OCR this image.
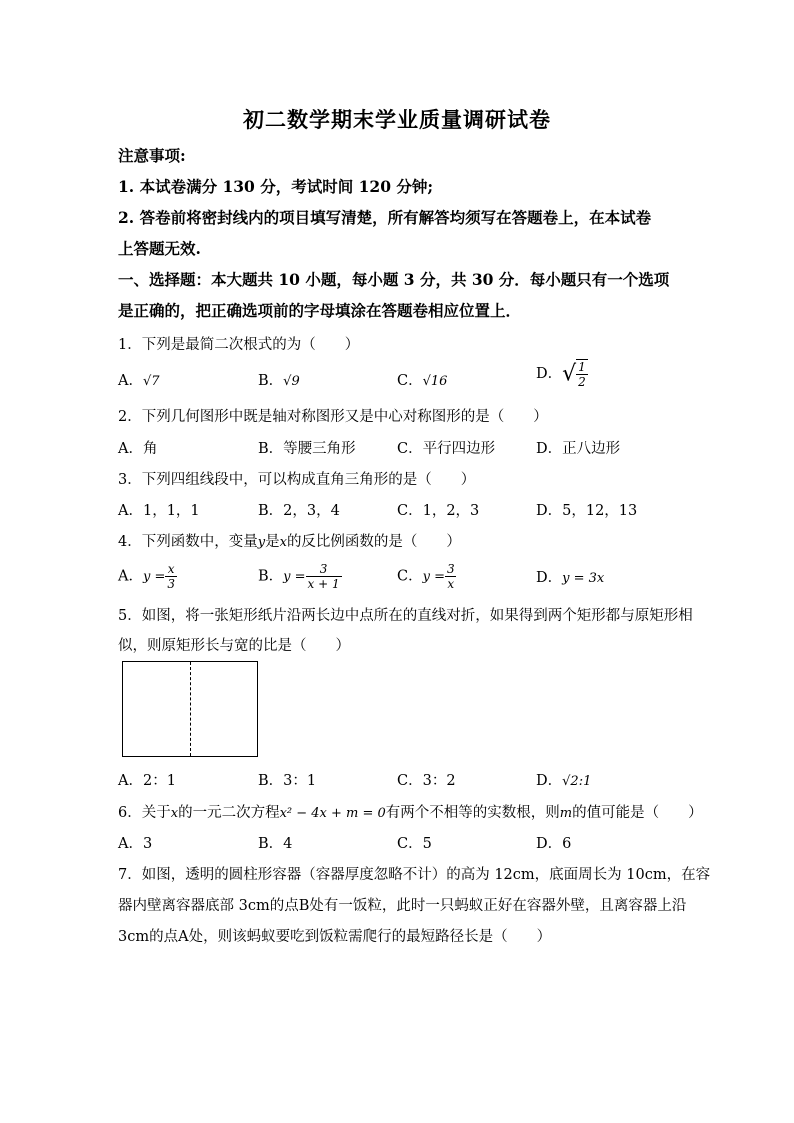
初二数学期末学业质量调研试卷
注意事项:
1. 本试卷满分 130 分，考试时间 120 分钟;
2. 答卷前将密封线内的项目填写清楚，所有解答均须写在答题卷上，在本试卷
上答题无效.
一、选择题：本大题共 10 小题，每小题 3 分，共 30 分．每小题只有一个选项
是正确的，把正确选项前的字母填涂在答题卷相应位置上．
1．下列是最简二次根式的为（　　）
A．√7	B．√9	C．√16	D．√ $\frac{1}{2}$
2．下列几何图形中既是轴对称图形又是中心对称图形的是（　　）
A．角	B．等腰三角形	C．平行四边形	D．正八边形
3．下列四组线段中，可以构成直角三角形的是（　　）
A．1，1，1	B．2，3，4	C．1，2，3	D．5，12，13
4．下列函数中，变量y是x的反比例函数的是（　　）
A．$y = \frac{x}{3}$	B．$y = \frac{3}{x + 1}$	C．$y = \frac{3}{x}$	D．y = 3x
5．如图，将一张矩形纸片沿两长边中点所在的直线对折，如果得到两个矩形都与原矩形相
似，则原矩形长与宽的比是（　　）
A．2：1	B．3：1	C．3：2	D．√2:1
6．关于x的一元二次方程x² − 4x + m = 0有两个不相等的实数根，则m的值可能是（　　）
A．3	B．4	C．5	D．6
7．如图，透明的圆柱形容器（容器厚度忽略不计）的高为 12cm，底面周长为 10cm，在容
器内壁离容器底部 3cm的点B处有一饭粒，此时一只蚂蚁正好在容器外壁，且离容器上沿
3cm的点A处，则该蚂蚁要吃到饭粒需爬行的最短路径长是（　　）
